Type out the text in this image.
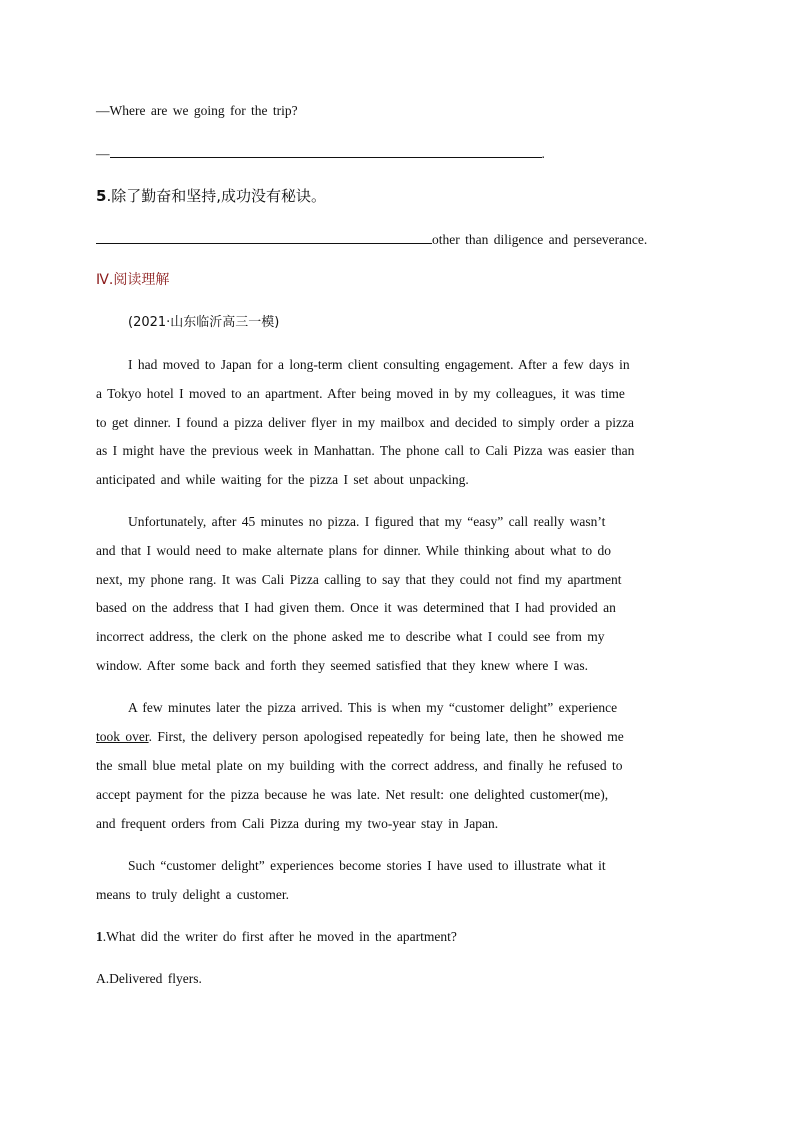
—Where are we going for the trip?
—	.
5.除了勤奋和坚持,成功没有秘诀。
other than diligence and perseverance.
Ⅳ.阅读理解
(2021·山东临沂高三一模)
I had moved to Japan for a long-term client consulting engagement. After a few days in
a Tokyo hotel I moved to an apartment. After being moved in by my colleagues, it was time
to get dinner. I found a pizza deliver flyer in my mailbox and decided to simply order a pizza
as I might have the previous week in Manhattan. The phone call to Cali Pizza was easier than
anticipated and while waiting for the pizza I set about unpacking.
Unfortunately, after 45 minutes no pizza. I figured that my “easy” call really wasn’t
and that I would need to make alternate plans for dinner. While thinking about what to do
next, my phone rang. It was Cali Pizza calling to say that they could not find my apartment
based on the address that I had given them. Once it was determined that I had provided an
incorrect address, the clerk on the phone asked me to describe what I could see from my
window. After some back and forth they seemed satisfied that they knew where I was.
A few minutes later the pizza arrived. This is when my “customer delight” experience
took over. First, the delivery person apologised repeatedly for being late, then he showed me
the small blue metal plate on my building with the correct address, and finally he refused to
accept payment for the pizza because he was late. Net result: one delighted customer(me),
and frequent orders from Cali Pizza during my two-year stay in Japan.
Such “customer delight” experiences become stories I have used to illustrate what it
means to truly delight a customer.
1.What did the writer do first after he moved in the apartment?
A.Delivered flyers.
